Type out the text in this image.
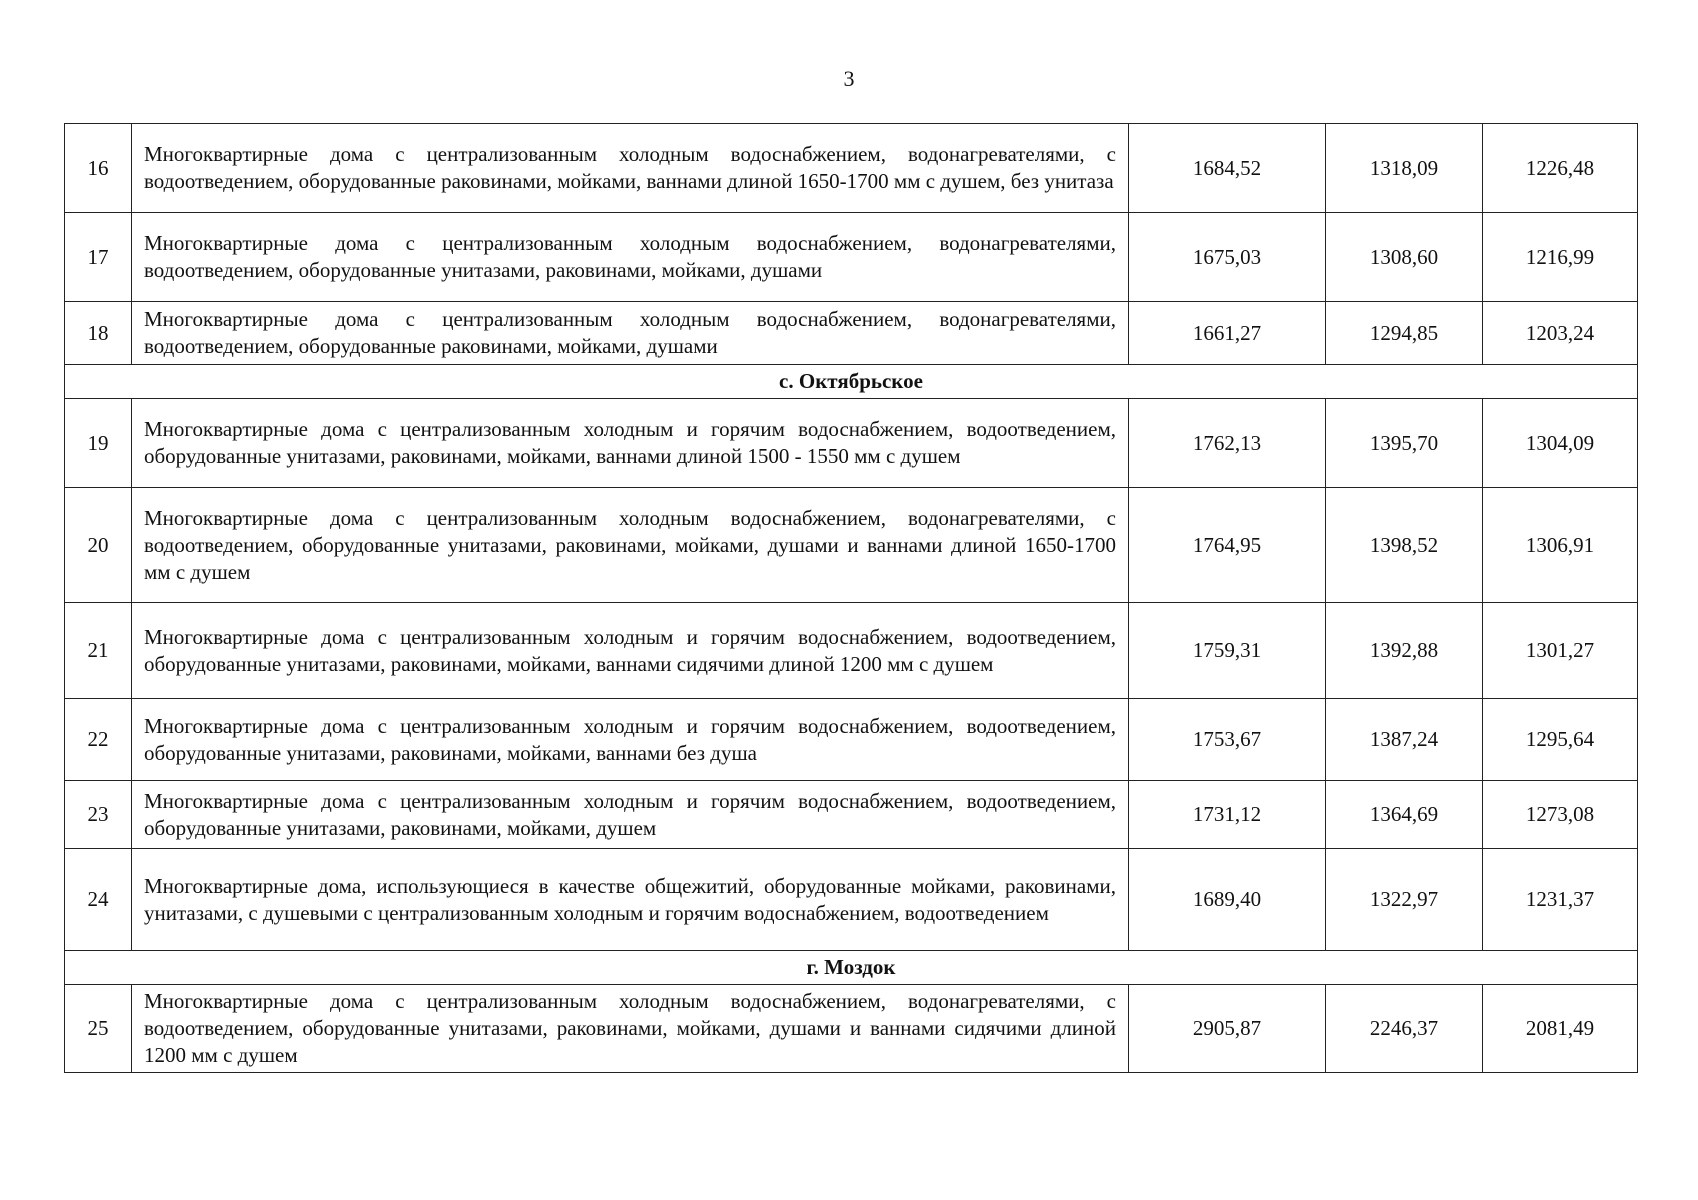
3
16	Многоквартирные дома с централизованным холодным водоснабжением, водонагревателями, с водоотведением, оборудованные раковинами, мойками, ваннами длиной 1650-1700 мм с душем, без унитаза	1684,52	1318,09	1226,48
17	Многоквартирные дома с централизованным холодным водоснабжением, водонагревателями, водоотведением, оборудованные унитазами, раковинами, мойками, душами	1675,03	1308,60	1216,99
18	Многоквартирные дома с централизованным холодным водоснабжением, водонагревателями, водоотведением, оборудованные раковинами, мойками, душами	1661,27	1294,85	1203,24
с. Октябрьское				
19	Многоквартирные дома с централизованным холодным и горячим водоснабжением, водоотведением, оборудованные унитазами, раковинами, мойками, ваннами длиной 1500 - 1550 мм с душем	1762,13	1395,70	1304,09
20	Многоквартирные дома с централизованным холодным водоснабжением, водонагревателями, с водоотведением, оборудованные унитазами, раковинами, мойками, душами и ваннами длиной 1650-1700 мм с душем	1764,95	1398,52	1306,91
21	Многоквартирные дома с централизованным холодным и горячим водоснабжением, водоотведением, оборудованные унитазами, раковинами, мойками, ваннами сидячими длиной 1200 мм с душем	1759,31	1392,88	1301,27
22	Многоквартирные дома с централизованным холодным и горячим водоснабжением, водоотведением, оборудованные унитазами, раковинами, мойками, ваннами без душа	1753,67	1387,24	1295,64
23	Многоквартирные дома с централизованным холодным и горячим водоснабжением, водоотведением, оборудованные унитазами, раковинами, мойками, душем	1731,12	1364,69	1273,08
24	Многоквартирные дома, использующиеся в качестве общежитий, оборудованные мойками, раковинами, унитазами, с душевыми с централизованным холодным и горячим водоснабжением, водоотведением	1689,40	1322,97	1231,37
г. Моздок				
25	Многоквартирные дома с централизованным холодным водоснабжением, водонагревателями, с водоотведением, оборудованные унитазами, раковинами, мойками, душами и ваннами сидячими длиной 1200 мм с душем	2905,87	2246,37	2081,49
